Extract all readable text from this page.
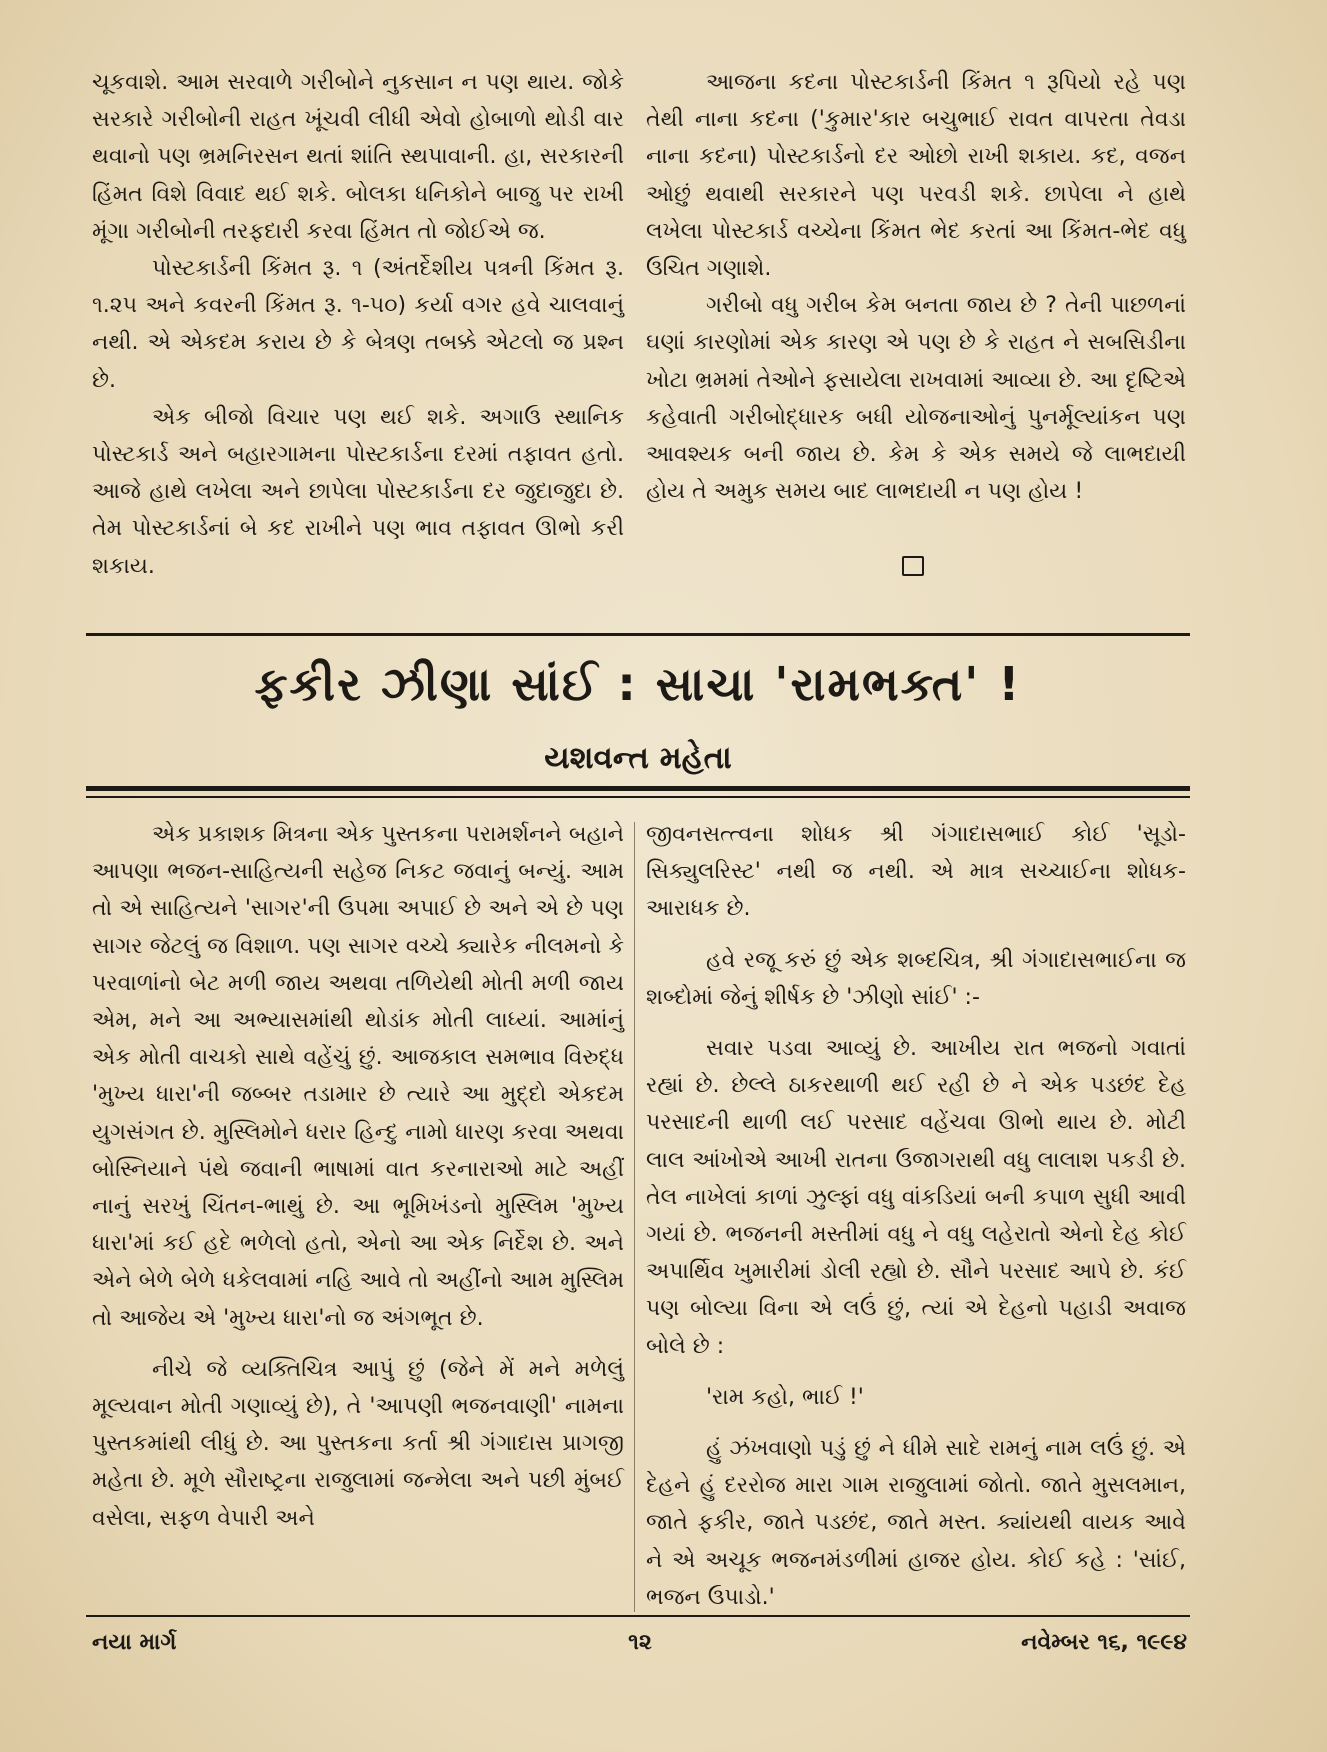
ચૂકવાશે. આમ સરવાળે ગરીબોને નુકસાન ન પણ થાય. જોકે સરકારે ગરીબોની રાહત ખૂંચવી લીધી એવો હોબાળો થોડી વાર થવાનો પણ ભ્રમનિરસન થતાં શાંતિ સ્થપાવાની. હા, સરકારની હિંમત વિશે વિવાદ થઈ શકે. બોલકા ધનિકોને બાજુ પર રાખી મૂંગા ગરીબોની તરફદારી કરવા હિંમત તો જોઈએ જ.

પોસ્ટકાર્ડની કિંમત રૂ. ૧ (અંતર્દેશીય પત્રની કિંમત રૂ. ૧.૨૫ અને કવરની કિંમત રૂ. ૧-૫૦) કર્યા વગર હવે ચાલવાનું નથી. એ એકદમ કરાય છે કે બેત્રણ તબક્કે એટલો જ પ્રશ્ન છે.

એક બીજો વિચાર પણ થઈ શકે. અગાઉ સ્થાનિક પોસ્ટકાર્ડ અને બહારગામના પોસ્ટકાર્ડના દરમાં તફાવત હતો. આજે હાથે લખેલા અને છાપેલા પોસ્ટકાર્ડના દર જુદાજુદા છે. તેમ પોસ્ટકાર્ડનાં બે કદ રાખીને પણ ભાવ તફાવત ઊભો કરી શકાય.

આજના કદના પોસ્ટકાર્ડની કિંમત ૧ રૂપિયો રહે પણ તેથી નાના કદના ('કુમાર'કાર બચુભાઈ રાવત વાપરતા તેવડા નાના કદના) પોસ્ટકાર્ડનો દર ઓછો રાખી શકાય. કદ, વજન ઓછું થવાથી સરકારને પણ પરવડી શકે. છાપેલા ને હાથે લખેલા પોસ્ટકાર્ડ વચ્ચેના કિંમત ભેદ કરતાં આ કિંમત-ભેદ વધુ ઉચિત ગણાશે.

ગરીબો વધુ ગરીબ કેમ બનતા જાય છે ? તેની પાછળનાં ઘણાં કારણોમાં એક કારણ એ પણ છે કે રાહત ને સબસિડીના ખોટા ભ્રમમાં તેઓને ફસાયેલા રાખવામાં આવ્યા છે. આ દૃષ્ટિએ કહેવાતી ગરીબોદ્ધારક બધી યોજનાઓનું પુનર્મૂલ્યાંકન પણ આવશ્યક બની જાય છે. કેમ કે એક સમયે જે લાભદાયી હોય તે અમુક સમય બાદ લાભદાયી ન પણ હોય !

ફકીર ઝીણા સાંઈ : સાચા 'રામભક્ત' !
યશવન્ત મહેતા

એક પ્રકાશક મિત્રના એક પુસ્તકના પરામર્શનને બહાને આપણા ભજન-સાહિત્યની સહેજ નિકટ જવાનું બન્યું. આમ તો એ સાહિત્યને 'સાગર'ની ઉપમા અપાઈ છે અને એ છે પણ સાગર જેટલું જ વિશાળ. પણ સાગર વચ્ચે ક્યારેક નીલમનો કે પરવાળાંનો બેટ મળી જાય અથવા તળિયેથી મોતી મળી જાય એમ, મને આ અભ્યાસમાંથી થોડાંક મોતી લાધ્યાં. આમાંનું એક મોતી વાચકો સાથે વહેંચું છું. આજકાલ સમભાવ વિરુદ્ધ 'મુખ્ય ધારા'ની જબ્બર તડામાર છે ત્યારે આ મુદ્દો એકદમ યુગસંગત છે. મુસ્લિમોને ધરાર હિન્દુ નામો ધારણ કરવા અથવા બોસ્નિયાને પંથે જવાની ભાષામાં વાત કરનારાઓ માટે અહીં નાનું સરખું ચિંતન-ભાથું છે. આ ભૂમિખંડનો મુસ્લિમ 'મુખ્ય ધારા'માં કઈ હદે ભળેલો હતો, એનો આ એક નિર્દેશ છે. અને એને બેળે બેળે ધકેલવામાં નહિ આવે તો અહીંનો આમ મુસ્લિમ તો આજેય એ 'મુખ્ય ધારા'નો જ અંગભૂત છે.

નીચે જે વ્યક્તિચિત્ર આપું છું (જેને મેં મને મળેલું મૂલ્યવાન મોતી ગણાવ્યું છે), તે 'આપણી ભજનવાણી' નામના પુસ્તકમાંથી લીધું છે. આ પુસ્તકના કર્તા શ્રી ગંગાદાસ પ્રાગજી મહેતા છે. મૂળે સૌરાષ્ટ્રના રાજુલામાં જન્મેલા અને પછી મુંબઈ વસેલા, સફળ વેપારી અને

જીવનસત્ત્વના શોધક શ્રી ગંગાદાસભાઈ કોઈ 'સૂડો-સિક્યુલરિસ્ટ' નથી જ નથી. એ માત્ર સચ્ચાઈના શોધક-આરાધક છે.

હવે રજૂ કરું છું એક શબ્દચિત્ર, શ્રી ગંગાદાસભાઈના જ શબ્દોમાં જેનું શીર્ષક છે 'ઝીણો સાંઈ' :-

સવાર પડવા આવ્યું છે. આખીય રાત ભજનો ગવાતાં રહ્યાં છે. છેલ્લે ઠાકરથાળી થઈ રહી છે ને એક પડછંદ દેહ પરસાદની થાળી લઈ પરસાદ વહેંચવા ઊભો થાય છે. મોટી લાલ આંખોએ આખી રાતના ઉજાગરાથી વધુ લાલાશ પકડી છે. તેલ નાખેલાં કાળાં ઝુલ્ફાં વધુ વાંકડિયાં બની કપાળ સુધી આવી ગયાં છે. ભજનની મસ્તીમાં વધુ ને વધુ લહેરાતો એનો દેહ કોઈ અપાર્થિવ ખુમારીમાં ડોલી રહ્યો છે. સૌને પરસાદ આપે છે. કંઈ પણ બોલ્યા વિના એ લઉં છું, ત્યાં એ દેહનો પહાડી અવાજ બોલે છે :

'રામ કહો, ભાઈ !'

હું ઝંખવાણો પડું છું ને ધીમે સાદે રામનું નામ લઉં છું. એ દેહને હું દરરોજ મારા ગામ રાજુલામાં જોતો. જાતે મુસલમાન, જાતે ફકીર, જાતે પડછંદ, જાતે મસ્ત. ક્યાંયથી વાયક આવે ને એ અચૂક ભજનમંડળીમાં હાજર હોય. કોઈ કહે : 'સાંઈ, ભજન ઉપાડો.'

નયા માર્ગ	૧૨	નવેમ્બર ૧૬, ૧૯૯૪
